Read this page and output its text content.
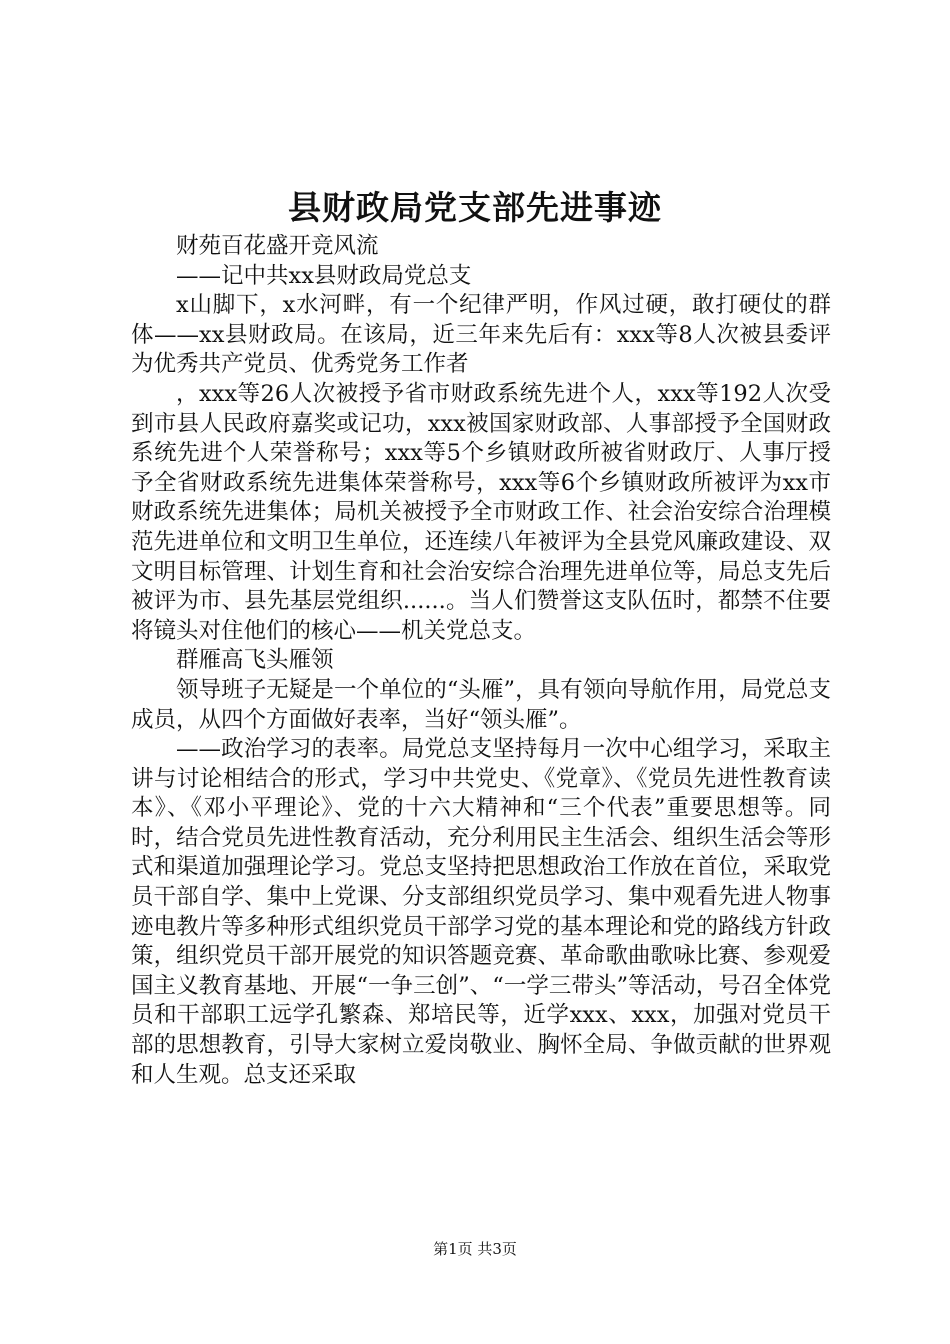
县财政局党支部先进事迹

财苑百花盛开竞风流

——记中共xx县财政局党总支

x山脚下，x水河畔，有一个纪律严明，作风过硬，敢打硬仗的群体——xx县财政局。在该局，近三年来先后有：xxx等8人次被县委评为优秀共产党员、优秀党务工作者

，xxx等26人次被授予省市财政系统先进个人，xxx等192人次受到市县人民政府嘉奖或记功，xxx被国家财政部、人事部授予全国财政系统先进个人荣誉称号；xxx等5个乡镇财政所被省财政厅、人事厅授予全省财政系统先进集体荣誉称号，xxx等6个乡镇财政所被评为xx市财政系统先进集体；局机关被授予全市财政工作、社会治安综合治理模范先进单位和文明卫生单位，还连续八年被评为全县党风廉政建设、双文明目标管理、计划生育和社会治安综合治理先进单位等，局总支先后被评为市、县先基层党组织......。当人们赞誉这支队伍时，都禁不住要将镜头对住他们的核心——机关党总支。

群雁高飞头雁领

领导班子无疑是一个单位的“头雁”，具有领向导航作用，局党总支成员，从四个方面做好表率，当好“领头雁”。

——政治学习的表率。局党总支坚持每月一次中心组学习，采取主讲与讨论相结合的形式，学习中共党史、《党章》、《党员先进性教育读本》、《邓小平理论》、党的十六大精神和“三个代表”重要思想等。同时，结合党员先进性教育活动，充分利用民主生活会、组织生活会等形式和渠道加强理论学习。党总支坚持把思想政治工作放在首位，采取党员干部自学、集中上党课、分支部组织党员学习、集中观看先进人物事迹电教片等多种形式组织党员干部学习党的基本理论和党的路线方针政策，组织党员干部开展党的知识答题竞赛、革命歌曲歌咏比赛、参观爱国主义教育基地、开展“一争三创”、“一学三带头”等活动，号召全体党员和干部职工远学孔繁森、郑培民等，近学xxx、xxx，加强对党员干部的思想教育，引导大家树立爱岗敬业、胸怀全局、争做贡献的世界观和人生观。总支还采取

第1页 共3页
